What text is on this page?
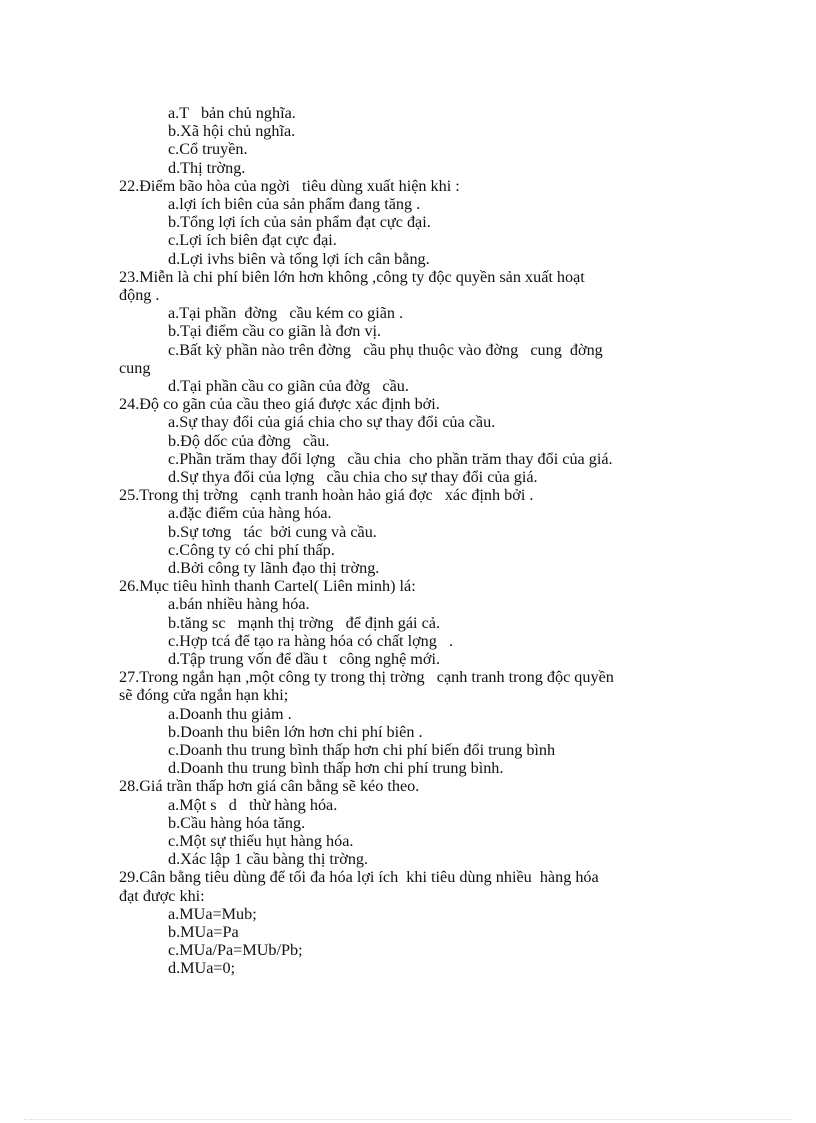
a.T   bản chủ nghĩa.
b.Xã hội chủ nghĩa.
c.Cổ truyền.
d.Thị trờng.
22.Điểm bão hòa của ngời   tiêu dùng xuất hiện khi :
a.lợi ích biên của sản phẩm đang tăng .
b.Tổng lợi ích của sản phẩm đạt cực đại.
c.Lợi ích biên đạt cực đại.
d.Lợi ivhs biên và tổng lợi ích cân bằng.
23.Miễn là chi phí biên lớn hơn không ,công ty độc quyền sản xuất hoạt
động .
a.Tại phần  đờng   cầu kém co giãn .
b.Tại điểm cầu co giãn là đơn vị.
c.Bất kỳ phần nào trên đờng   cầu phụ thuộc vào đờng   cung  đờng
cung
d.Tại phần cầu co giãn của đờg   cầu.
24.Độ co gãn của cầu theo giá được xác định bởi.
a.Sự thay đổi của giá chia cho sự thay đổi của cầu.
b.Độ dốc của đờng   cầu.
c.Phần trăm thay đổi lợng   cầu chia  cho phần trăm thay đổi của giá.
d.Sự thya đổi của lợng   cầu chia cho sự thay đổi của giá.
25.Trong thị trờng   cạnh tranh hoàn hảo giá đợc   xác định bởi .
a.đặc điểm của hàng hóa.
b.Sự tơng   tác  bởi cung và cầu.
c.Công ty có chi phí thấp.
d.Bởi công ty lãnh đạo thị trờng.
26.Mục tiêu hình thanh Cartel( Liên minh) lá:
a.bán nhiều hàng hóa.
b.tăng sc   mạnh thị trờng   để định gái cả.
c.Hợp tcá để tạo ra hàng hóa có chất lợng   .
d.Tập trung vốn để dầu t   công nghệ mới.
27.Trong ngắn hạn ,một công ty trong thị trờng   cạnh tranh trong độc quyền
sẽ đóng cửa ngắn hạn khi;
a.Doanh thu giảm .
b.Doanh thu biên lớn hơn chi phí biên .
c.Doanh thu trung bình thấp hơn chi phí biến đổi trung bình
d.Doanh thu trung bình thấp hơn chi phí trung bình.
28.Giá trần thấp hơn giá cân bằng sẽ kéo theo.
a.Một s   d   thừ hàng hóa.
b.Cầu hàng hóa tăng.
c.Một sự thiếu hụt hàng hóa.
d.Xác lập 1 cầu bàng thị trờng.
29.Cân bằng tiêu dùng để tối đa hóa lợi ích  khi tiêu dùng nhiều  hàng hóa
đạt được khi:
a.MUa=Mub;
b.MUa=Pa
c.MUa/Pa=MUb/Pb;
d.MUa=0;
